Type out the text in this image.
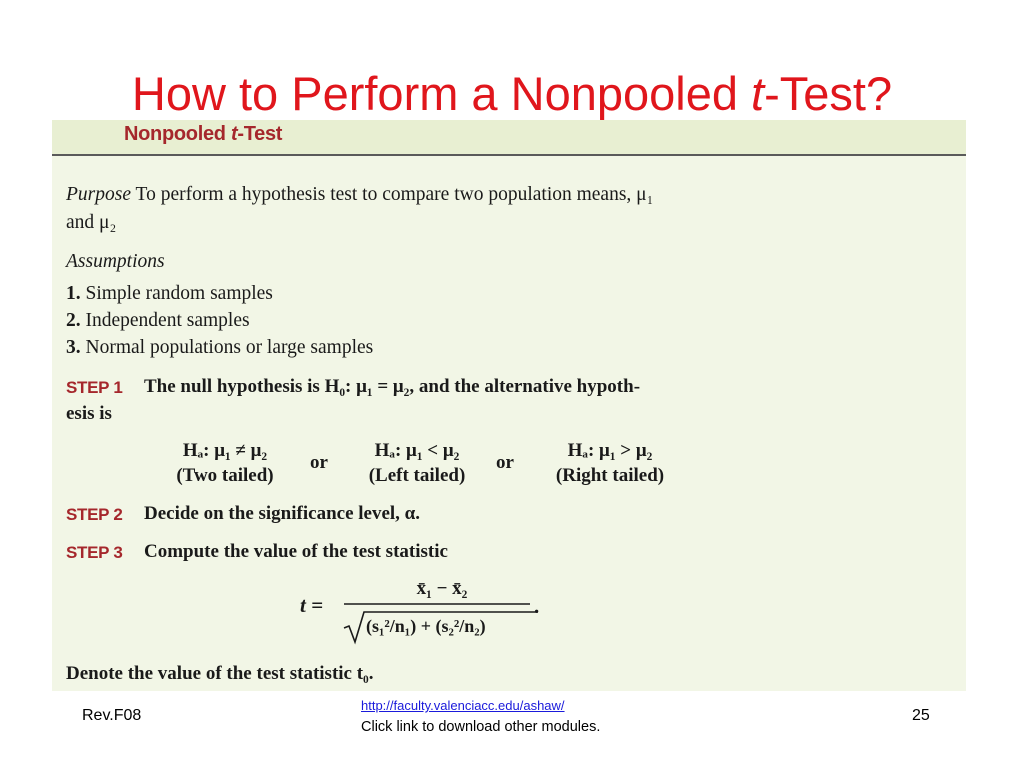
How to Perform a Nonpooled t-Test?
Nonpooled t-Test
Purpose To perform a hypothesis test to compare two population means, μ₁
and μ₂
Assumptions
1. Simple random samples
2. Independent samples
3. Normal populations or large samples
STEP 1 The null hypothesis is H₀: μ₁ = μ₂, and the alternative hypoth-
esis is
Hₐ: μ₁ ≠ μ₂
(Two tailed)
or
Hₐ: μ₁ < μ₂
(Left tailed)
or
Hₐ: μ₁ > μ₂
(Right tailed)
STEP 2 Decide on the significance level, α.
STEP 3 Compute the value of the test statistic
t =
x̄₁ − x̄₂
(s₁²/n₁) + (s₂²/n₂)
.
Denote the value of the test statistic t₀.
Rev.F08
http://faculty.valenciacc.edu/ashaw/
Click link to download other modules.
25
